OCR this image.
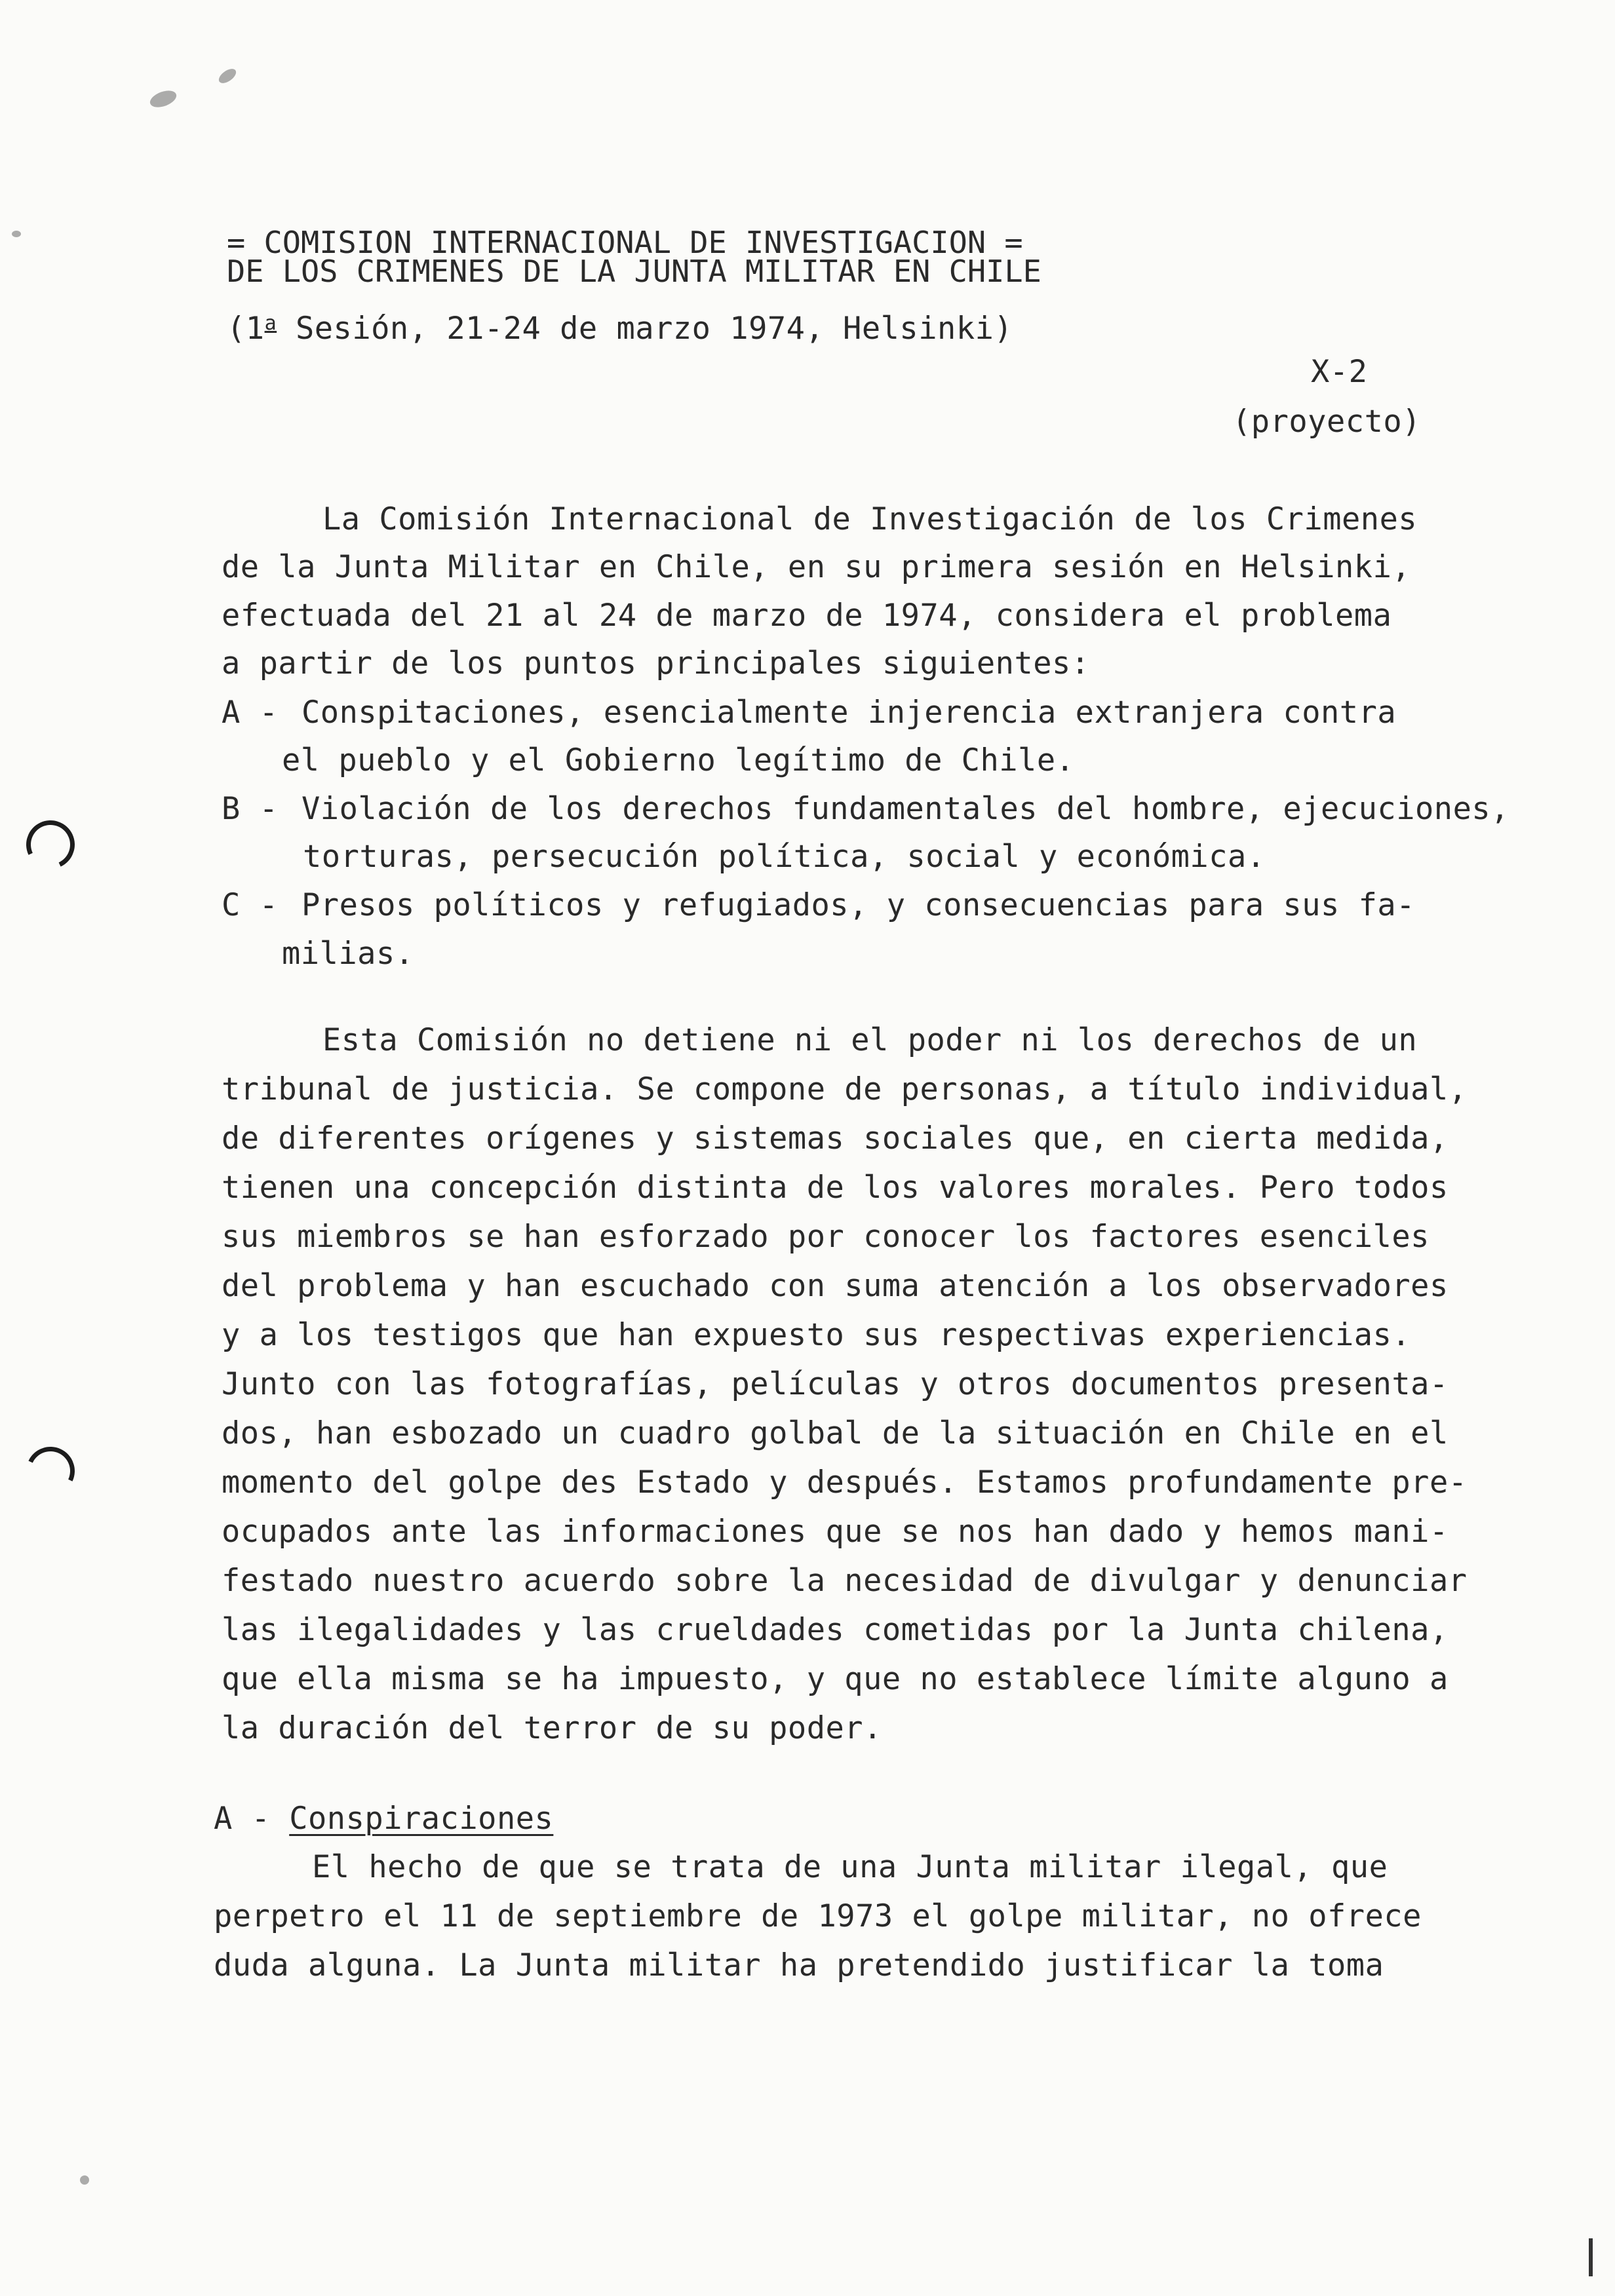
= COMISION INTERNACIONAL DE INVESTIGACION =
DE LOS CRIMENES DE LA JUNTA MILITAR EN CHILE
(1$^a$ Sesión, 21-24 de marzo 1974, Helsinki)
X-2
(proyecto)
La Comisión Internacional de Investigación de los Crimenes
de la Junta Militar en Chile, en su primera sesión en Helsinki,
efectuada del 21 al 24 de marzo de 1974, considera el problema
a partir de los puntos principales siguientes:
A - Conspitaciones, esencialmente injerencia extranjera contra
el pueblo y el Gobierno legítimo de Chile.
B - Violación de los derechos fundamentales del hombre, ejecuciones,
torturas, persecución política, social y económica.
C - Presos políticos y refugiados, y consecuencias para sus fa-
milias.
Esta Comisión no detiene ni el poder ni los derechos de un
tribunal de justicia. Se compone de personas, a título individual,
de diferentes orígenes y sistemas sociales que, en cierta medida,
tienen una concepción distinta de los valores morales. Pero todos
sus miembros se han esforzado por conocer los factores esenciles
del problema y han escuchado con suma atención a los observadores
y a los testigos que han expuesto sus respectivas experiencias.
Junto con las fotografías, películas y otros documentos presenta-
dos, han esbozado un cuadro golbal de la situación en Chile en el
momento del golpe des Estado y después. Estamos profundamente pre-
ocupados ante las informaciones que se nos han dado y hemos mani-
festado nuestro acuerdo sobre la necesidad de divulgar y denunciar
las ilegalidades y las crueldades cometidas por la Junta chilena,
que ella misma se ha impuesto, y que no establece límite alguno a
la duración del terror de su poder.
A - Conspiraciones
El hecho de que se trata de una Junta militar ilegal, que
perpetro el 11 de septiembre de 1973 el golpe militar, no ofrece
duda alguna. La Junta militar ha pretendido justificar la toma
